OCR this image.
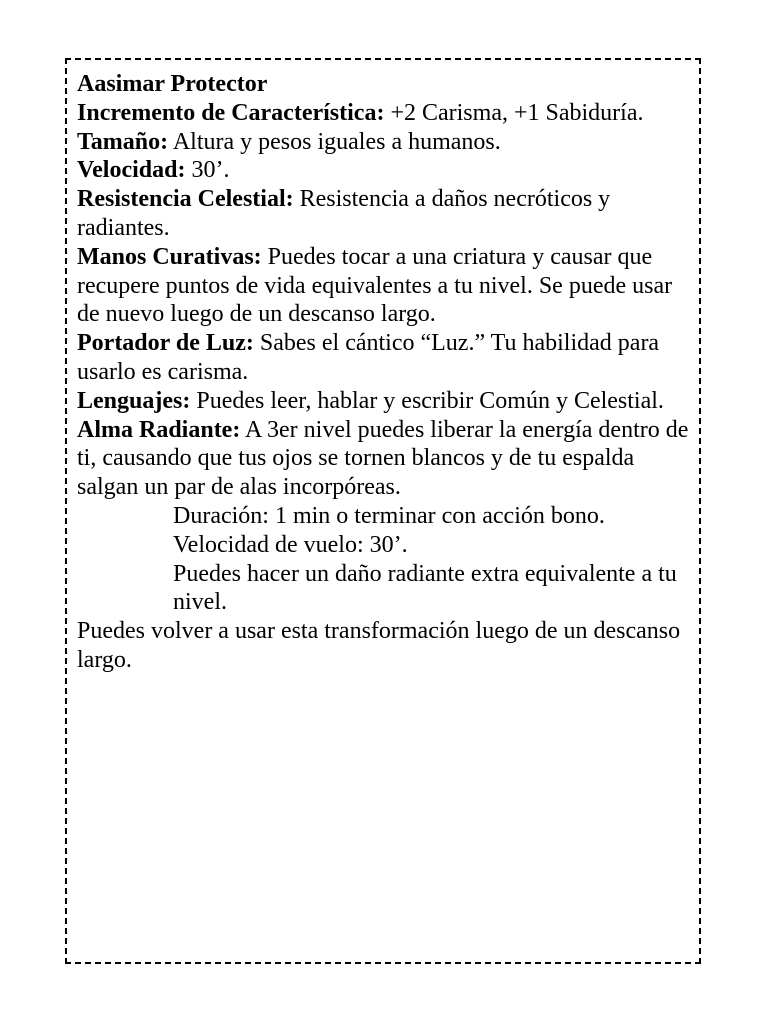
Aasimar Protector

Incremento de Característica: +2 Carisma, +1 Sabiduría.

Tamaño: Altura y pesos iguales a humanos.

Velocidad: 30’.

Resistencia Celestial: Resistencia a daños necróticos y radiantes.

Manos Curativas: Puedes tocar a una criatura y causar que recupere puntos de vida equivalentes a tu nivel. Se puede usar de nuevo luego de un descanso largo.

Portador de Luz: Sabes el cántico “Luz.” Tu habilidad para usarlo es carisma.

Lenguajes: Puedes leer, hablar y escribir Común y Celestial.

Alma Radiante: A 3er nivel puedes liberar la energía dentro de ti, causando que tus ojos se tornen blancos y de tu espalda salgan un par de alas incorpóreas.

Duración: 1 min o terminar con acción bono.

Velocidad de vuelo: 30’.

Puedes hacer un daño radiante extra equivalente a tu nivel.

Puedes volver a usar esta transformación luego de un descanso largo.
